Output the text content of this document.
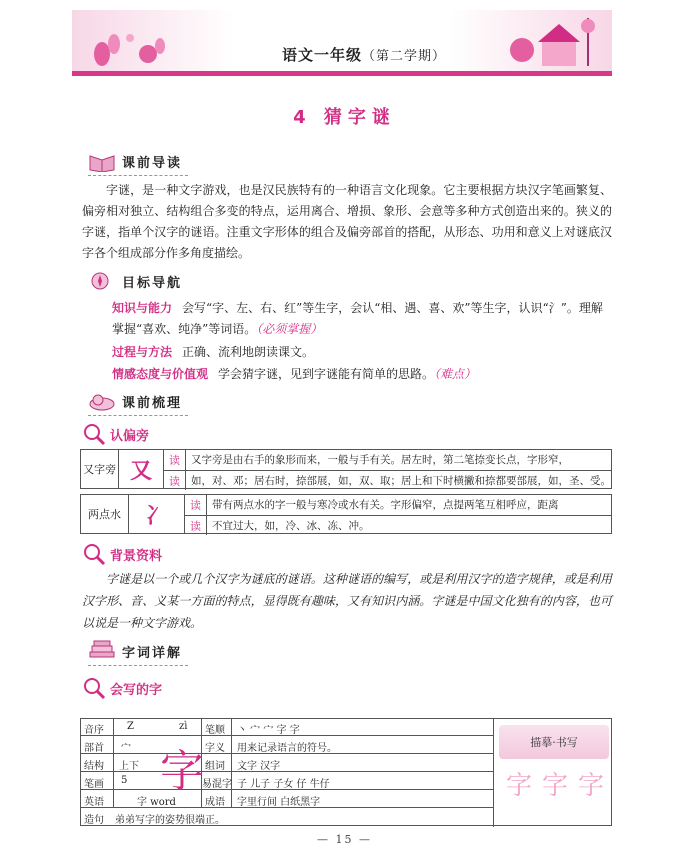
语文一年级（第二学期）
4 猜字谜
课前导读
字谜，是一种文字游戏，也是汉民族特有的一种语言文化现象。它主要根据方块汉字笔画繁复、偏旁相对独立、结构组合多变的特点，运用离合、增损、象形、会意等多种方式创造出来的。狭义的字谜，指单个汉字的谜语。注重文字形体的组合及偏旁部首的搭配，从形态、功用和意义上对谜底汉字各个组成部分作多角度描绘。
目标导航
知识与能力 会写“字、左、右、红”等生字，会认“相、遇、喜、欢”等生字，认识“氵”。理解掌握“喜欢、纯净”等词语。（必须掌握）
过程与方法 正确、流利地朗读课文。
情感态度与价值观 学会猜字谜，见到字谜能有简单的思路。（难点）
课前梳理
认偏旁
又字旁 又	读	又字旁是由右手的象形而来，一般与手有关。居左时，第二笔捺变长点，字形窄，
读	如，对、邓；居右时，捺部展，如，双、取；居上和下时横撇和捺都要部展，如，圣、受。
两点水	冫	读	带有两点水的字一般与寒冷或水有关。字形偏窄，点提两笔互相呼应，距离
读	不宜过大，如，冷、冰、冻、冲。
背景资料
字谜是以一个或几个汉字为谜底的谜语。这种谜语的编写，或是利用汉字的造字规律，或是利用汉字形、音、义某一方面的特点，显得既有趣味，又有知识内涵。字谜是中国文化独有的内容，也可以说是一种文字游戏。
字词详解
会写的字
音序 Z	zì 笔顺 丶 宀 宀 字 字
部首 宀	字义 用来记录语言的符号。
结构 上下	组词 文字 汉字
笔画 5	易混字 子 儿子 子女 仔 牛仔
英语	字 word	成语 字里行间 白纸黑字
造句 弟弟写字的姿势很端正。
字
描摹·书写
字 字 字
— 15 —
